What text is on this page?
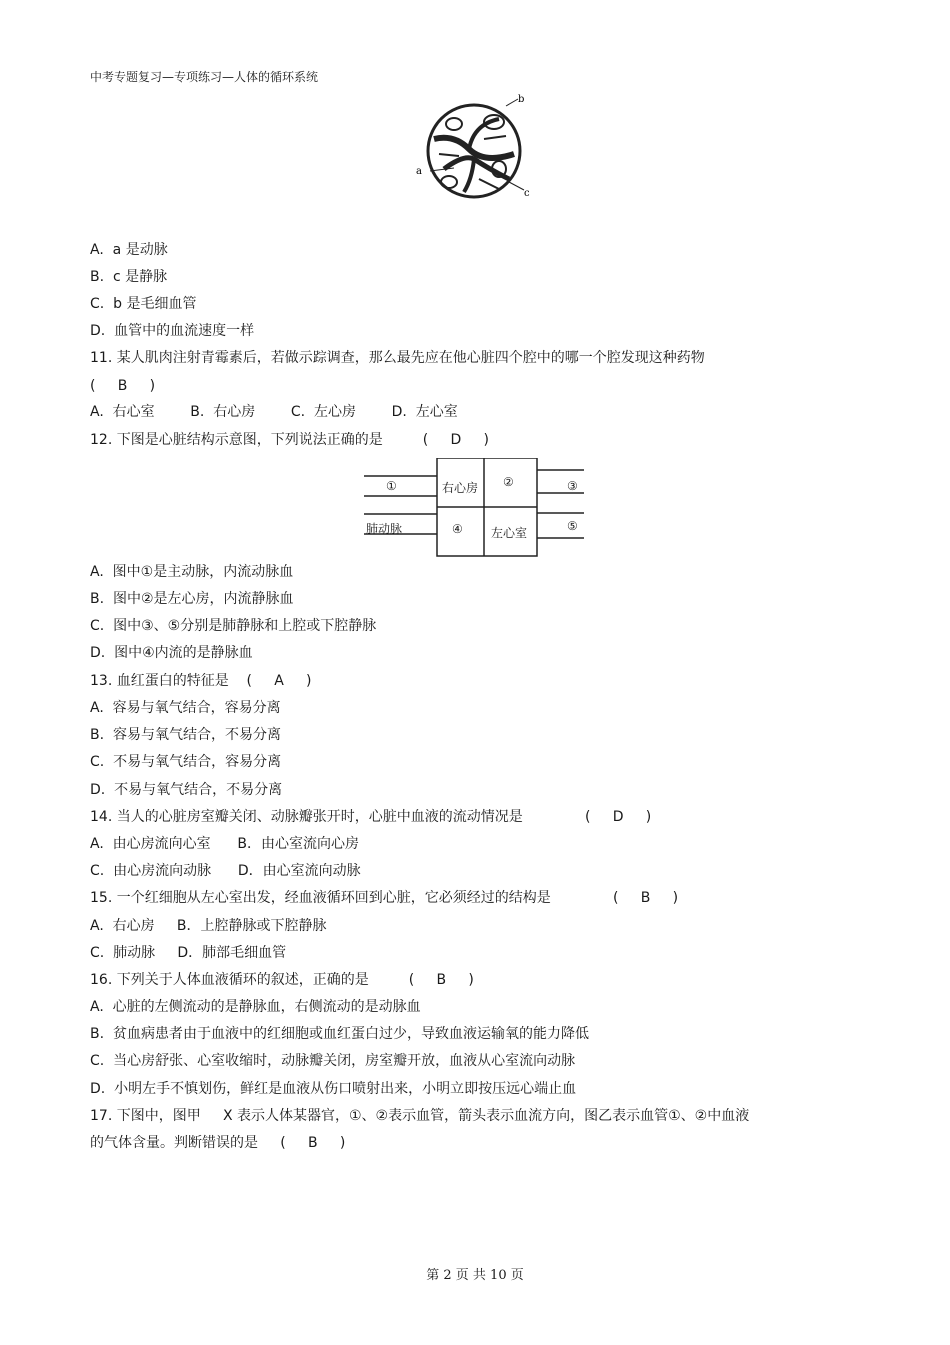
中考专题复习—专项练习—人体的循环系统
a
b
c
①	右心房 ②	③
肺动脉	④ 左心室	⑤
A.  a 是动脉
B.  c 是静脉
C.  b 是毛细血管
D.  血管中的血流速度一样
11. 某人肌肉注射青霉素后，若做示踪调查，那么最先应在他心脏四个腔中的哪一个腔发现这种药物
(     B     )
A.  右心室        B.  右心房        C.  左心房        D.  左心室
12. 下图是心脏结构示意图，下列说法正确的是         (     D     )
A.  图中①是主动脉，内流动脉血
B.  图中②是左心房，内流静脉血
C.  图中③、⑤分别是肺静脉和上腔或下腔静脉
D.  图中④内流的是静脉血
13. 血红蛋白的特征是    (     A     )
A.  容易与氧气结合，容易分离
B.  容易与氧气结合，不易分离
C.  不易与氧气结合，容易分离
D.  不易与氧气结合，不易分离
14. 当人的心脏房室瓣关闭、动脉瓣张开时，心脏中血液的流动情况是              (     D     )
A.  由心房流向心室      B．由心室流向心房
C.  由心房流向动脉      D．由心室流向动脉
15. 一个红细胞从左心室出发，经血液循环回到心脏，它必须经过的结构是              (     B     )
A.  右心房     B．上腔静脉或下腔静脉
C.  肺动脉     D．肺部毛细血管
16. 下列关于人体血液循环的叙述，正确的是         (     B     )
A.  心脏的左侧流动的是静脉血，右侧流动的是动脉血
B.  贫血病患者由于血液中的红细胞或血红蛋白过少，导致血液运输氧的能力降低
C.  当心房舒张、心室收缩时，动脉瓣关闭，房室瓣开放，血液从心室流向动脉
D.  小明左手不慎划伤，鲜红是血液从伤口喷射出来，小明立即按压远心端止血
17. 下图中，图甲     X 表示人体某器官，①、②表示血管，箭头表示血流方向，图乙表示血管①、②中血液
的气体含量。判断错误的是     (     B     )
第 2 页 共 10 页
